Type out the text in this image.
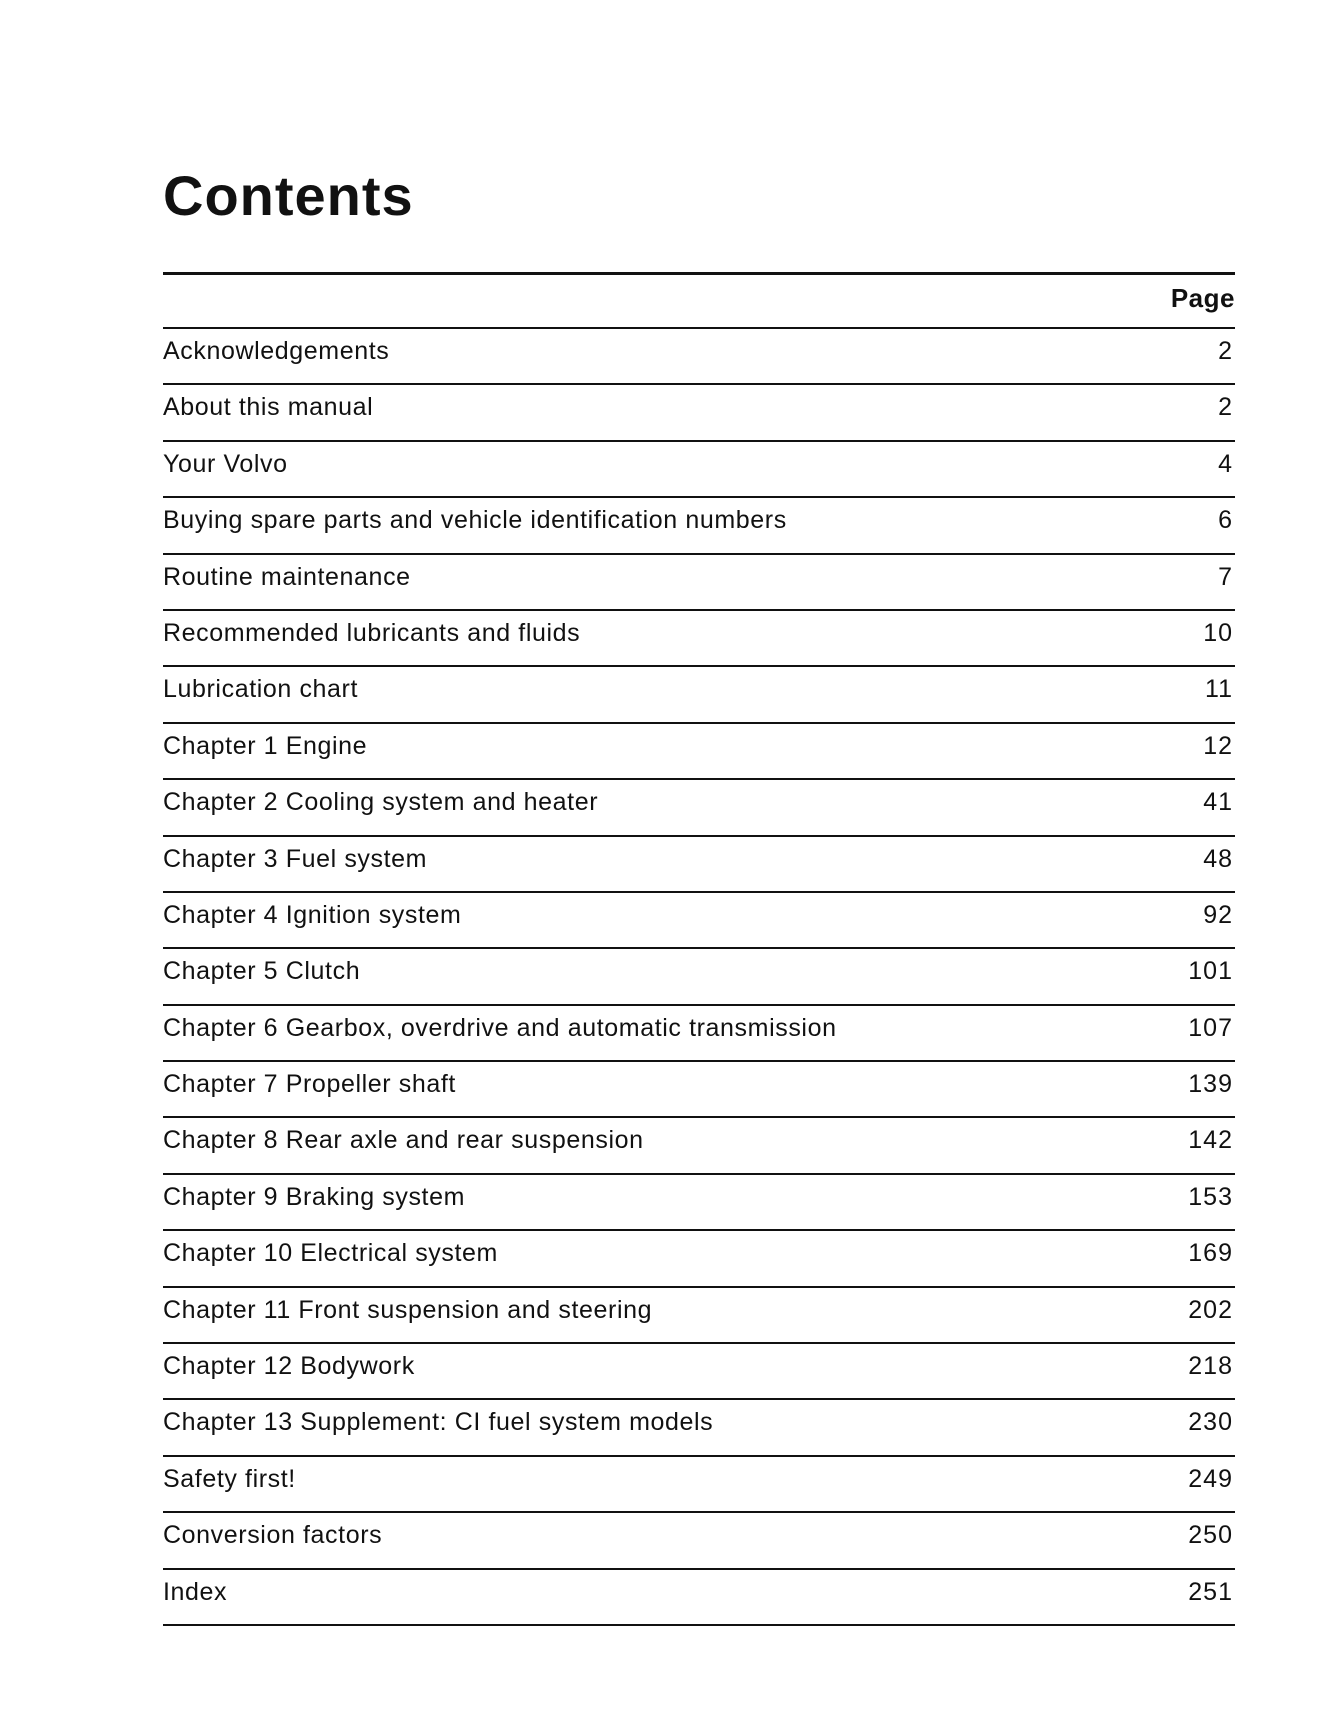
Contents
Page
Acknowledgements	2
About this manual	2
Your Volvo	4
Buying spare parts and vehicle identification numbers	6
Routine maintenance	7
Recommended lubricants and fluids	10
Lubrication chart	11
Chapter 1 Engine	12
Chapter 2 Cooling system and heater	41
Chapter 3 Fuel system	48
Chapter 4 Ignition system	92
Chapter 5 Clutch	101
Chapter 6 Gearbox, overdrive and automatic transmission	107
Chapter 7 Propeller shaft	139
Chapter 8 Rear axle and rear suspension	142
Chapter 9 Braking system	153
Chapter 10 Electrical system	169
Chapter 11 Front suspension and steering	202
Chapter 12 Bodywork	218
Chapter 13 Supplement: CI fuel system models	230
Safety first!	249
Conversion factors	250
Index	251
